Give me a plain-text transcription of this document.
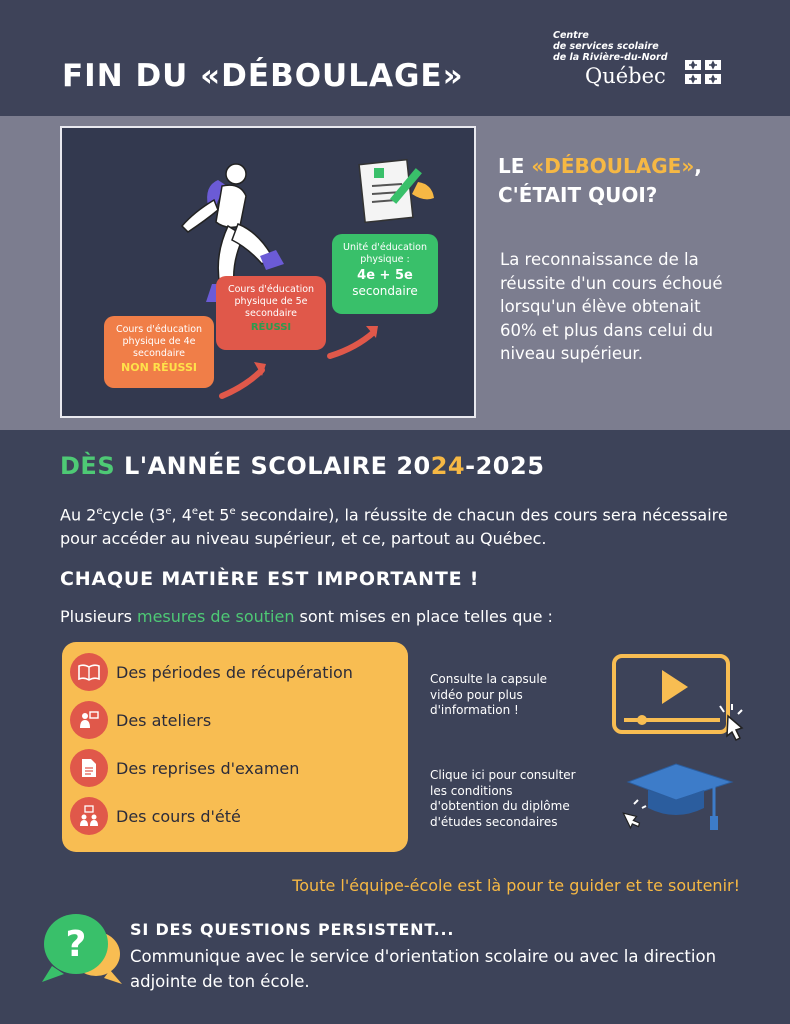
FIN DU «DÉBOULAGE»
Centre
de services scolaire
de la Rivière-du-Nord
Québec
Cours d'éducation
physique de 4e
secondaire
NON RÉUSSI
Cours d'éducation
physique de 5e
secondaire
RÉUSSI
Unité d'éducation
physique :
4e + 5e
secondaire
LE «DÉBOULAGE»,
C'ÉTAIT QUOI?
La reconnaissance de la réussite d'un cours échoué lorsqu'un élève obtenait 60% et plus dans celui du niveau supérieur.
DÈS L'ANNÉE SCOLAIRE 2024-2025
Au 2ecycle (3e, 4eet 5e secondaire), la réussite de chacun des cours sera nécessaire pour accéder au niveau supérieur, et ce, partout au Québec.
CHAQUE MATIÈRE EST IMPORTANTE !
Plusieurs mesures de soutien sont mises en place telles que :
Des périodes de récupération
Des ateliers
Des reprises d'examen
Des cours d'été
Consulte la capsule
vidéo pour plus
d'information !
Clique ici pour consulter
les conditions
d'obtention du diplôme
d'études secondaires
Toute l'équipe-école est là pour te guider et te soutenir!
?	SI DES QUESTIONS PERSISTENT...
Communique avec le service d'orientation scolaire ou avec la direction adjointe de ton école.
